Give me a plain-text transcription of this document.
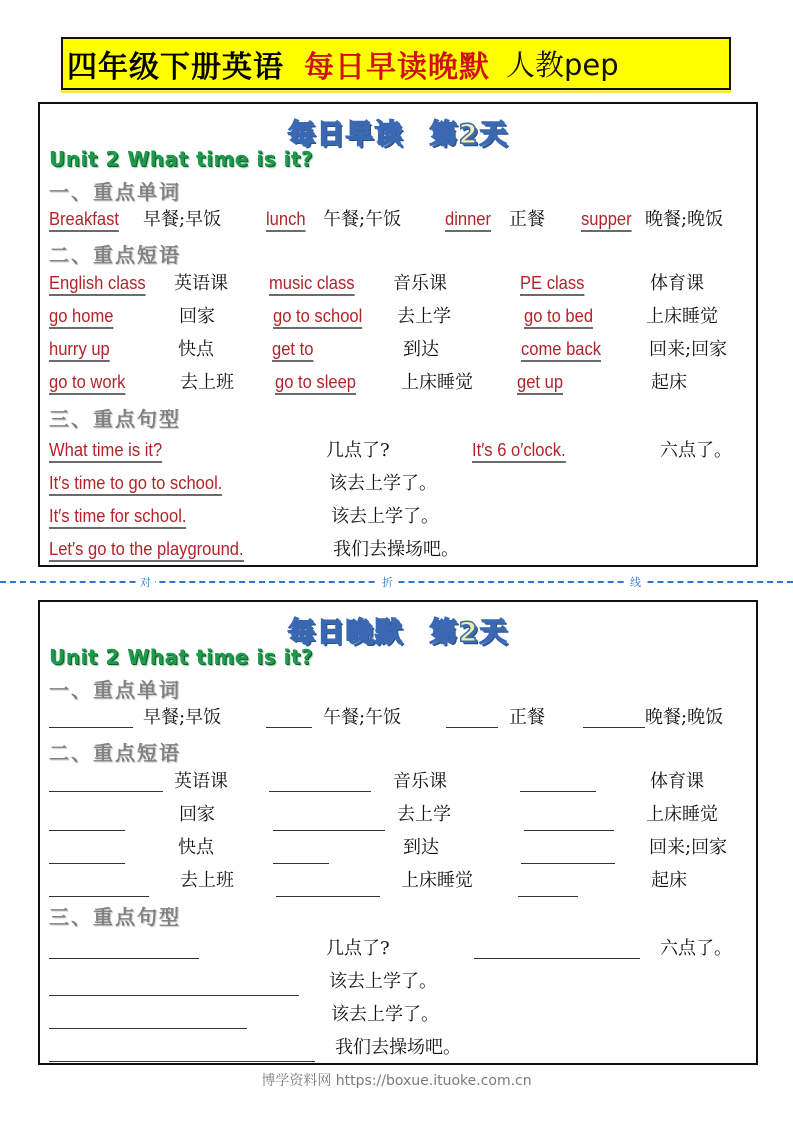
四年级下册英语 每日早读晚默 人教pep
每日早读 第2天
Unit 2 What time is it?
一、重点单词
Breakfast 早餐;早饭 lunch 午餐;午饭 dinner 正餐 supper 晚餐;晚饭
二、重点短语
English class 英语课 music class 音乐课	PE class	体育课
go home	回家	go to school 去上学	go to bed	上床睡觉
hurry up	快点	get to	到达	come back	回来;回家
go to work	去上班 go to sleep 上床睡觉 get up	起床
三、重点句型
What time is it?	几点了?	It′s 6 o′clock.	六点了。
It′s time to go to school.	该去上学了。
It′s time for school.	该去上学了。
Let′s go to the playground.	我们去操场吧。
对	折	线
每日晚默 第2天
Unit 2 What time is it?
一、重点单词
早餐;早饭	午餐;午饭	正餐	晚餐;晚饭
二、重点短语
英语课	音乐课	体育课
回家	去上学	上床睡觉
快点	到达	回来;回家
去上班	上床睡觉	起床
三、重点句型
几点了?	六点了。
该去上学了。
该去上学了。
我们去操场吧。
博学资料网 https://boxue.ituoke.com.cn
